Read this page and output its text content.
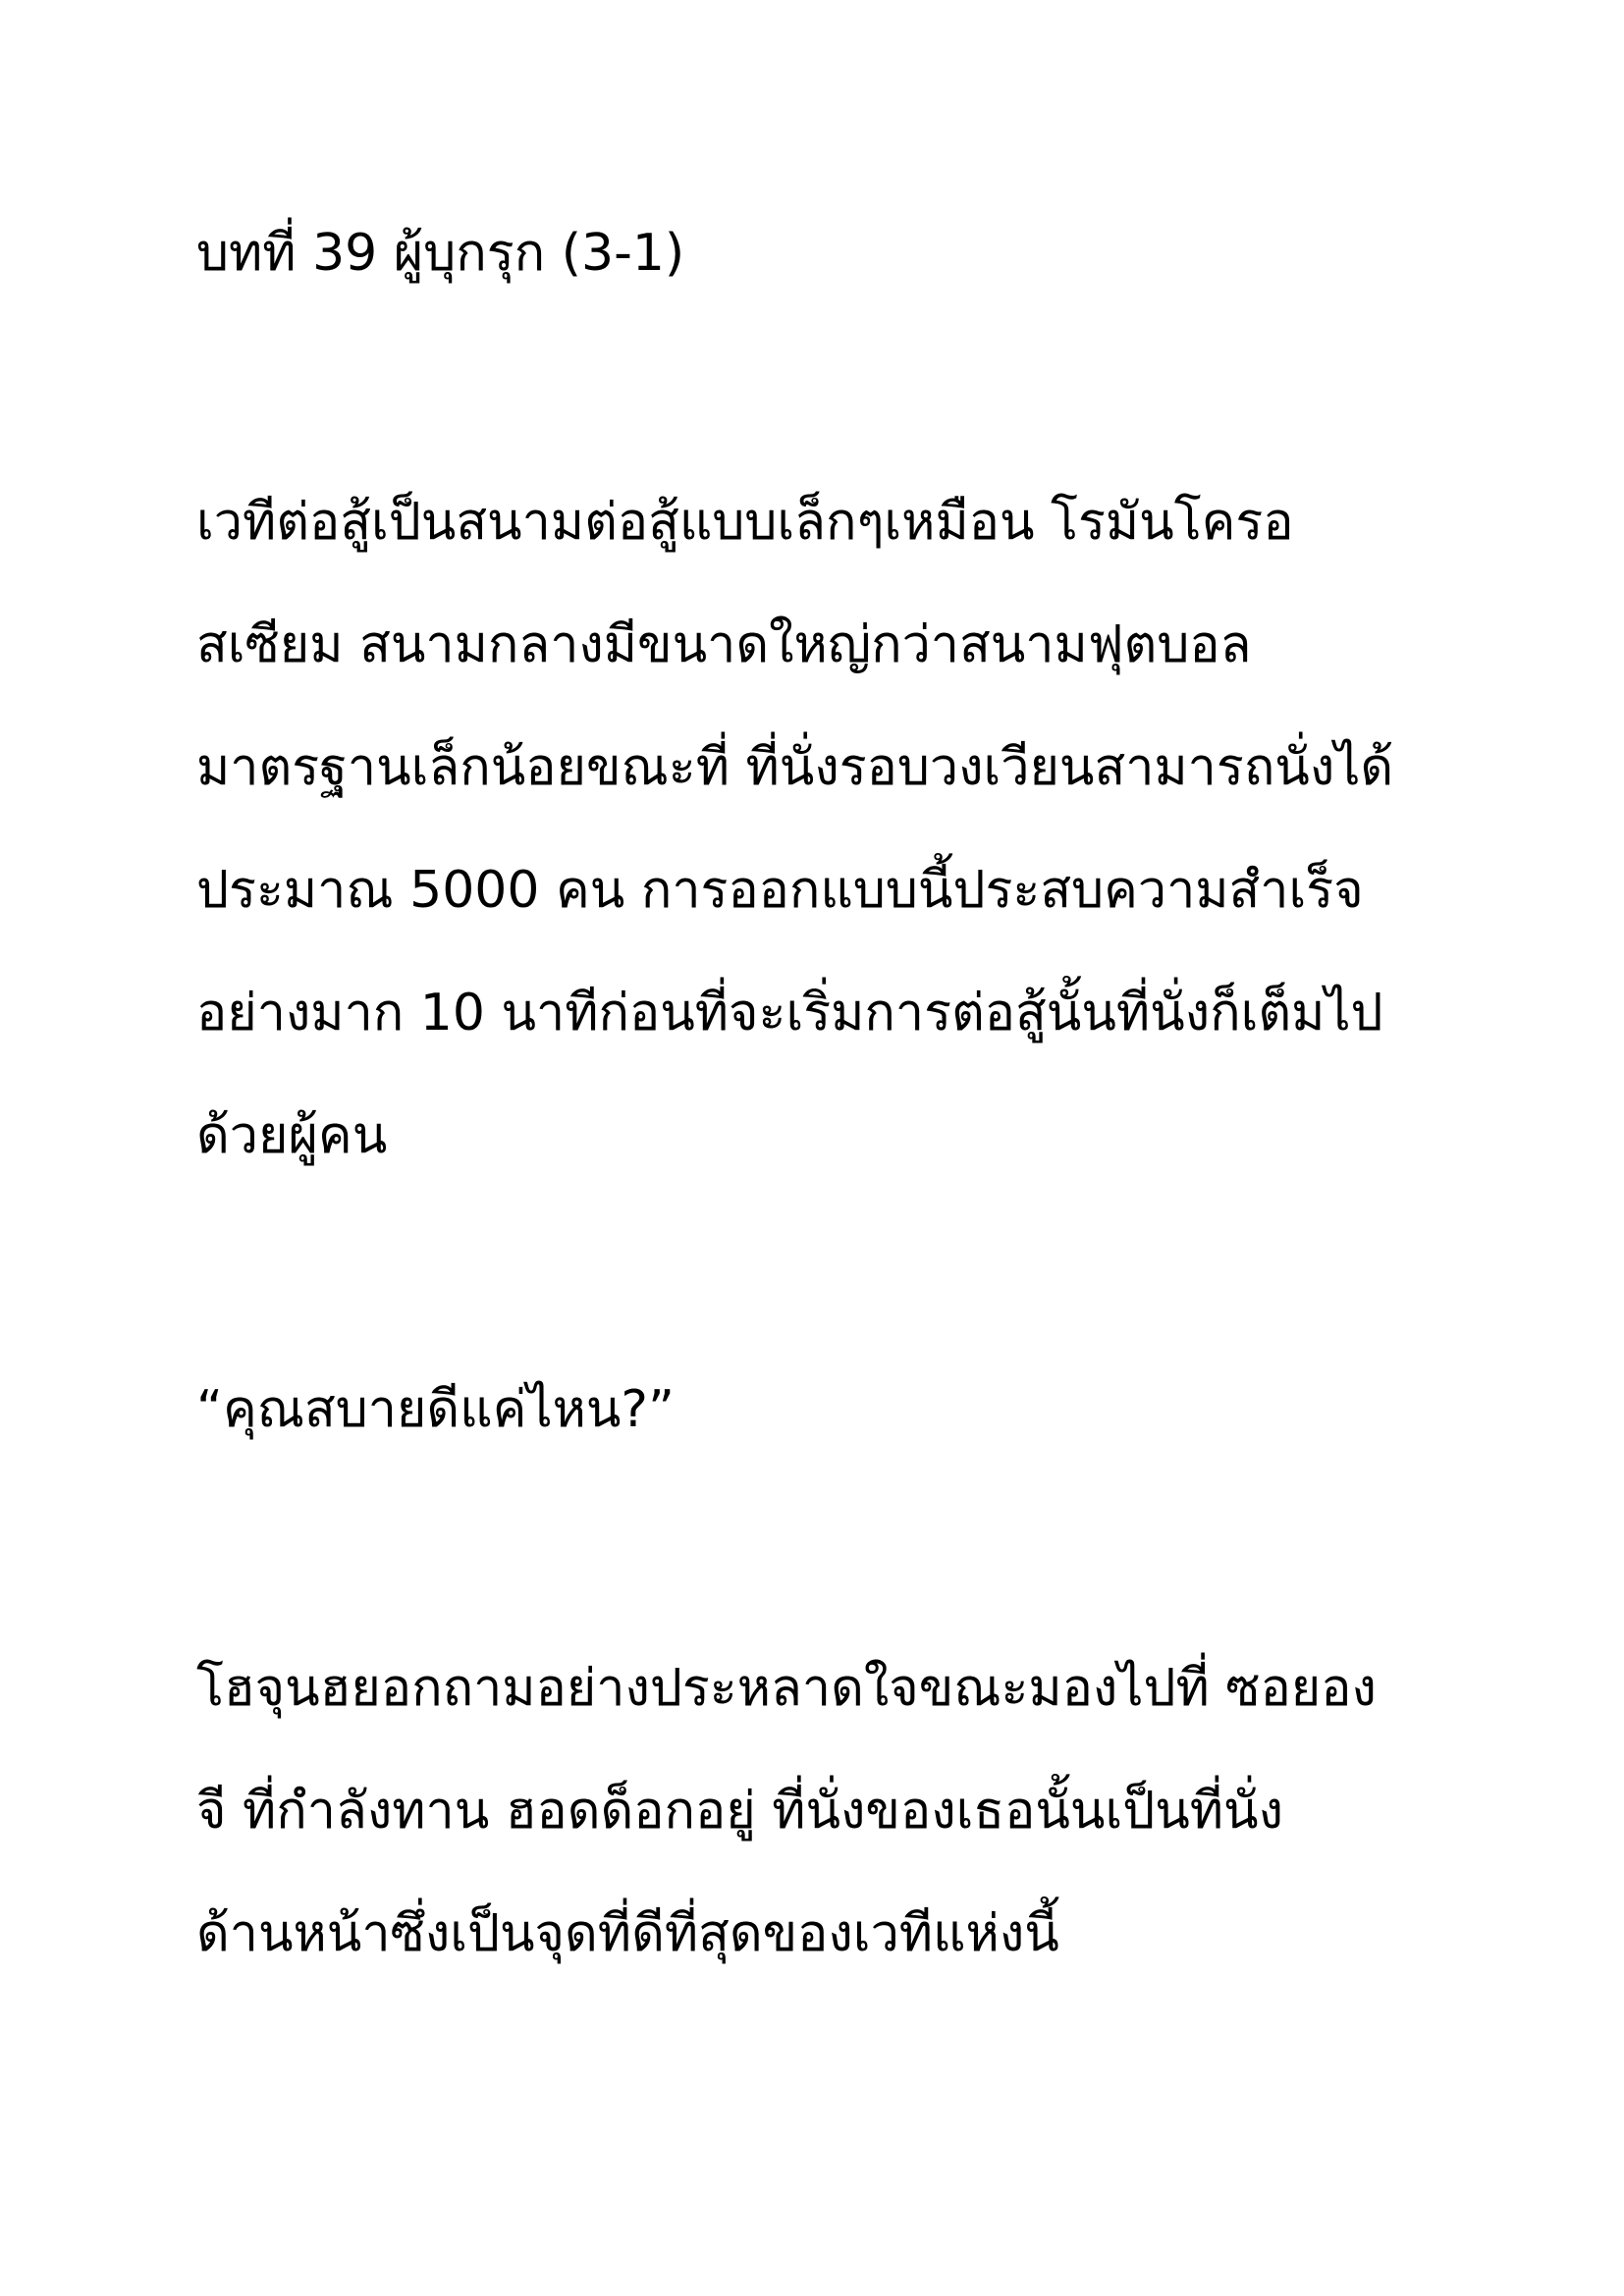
บทที่ 39 ผู้บุกรุก (3-1)

เวทีต่อสู้เป็นสนามต่อสู้แบบเล็กๆเหมือน โรมันโครอ

สเซียม สนามกลางมีขนาดใหญ่กว่าสนามฟุตบอล

มาตรฐานเล็กน้อยขณะที่ ที่นั่งรอบวงเวียนสามารถนั่งได้

ประมาณ 5000 คน การออกแบบนี้ประสบความสำเร็จ

อย่างมาก 10 นาทีก่อนที่จะเริ่มการต่อสู้นั้นที่นั่งก็เต็มไป

ด้วยผู้คน

“คุณสบายดีแค่ไหน?”

โฮจุนฮยอกถามอย่างประหลาดใจขณะมองไปที่ ซอยอง

จี ที่กำลังทาน ฮอดด็อกอยู่ ที่นั่งของเธอนั้นเป็นที่นั่ง

ด้านหน้าซึ่งเป็นจุดที่ดีที่สุดของเวทีแห่งนี้
